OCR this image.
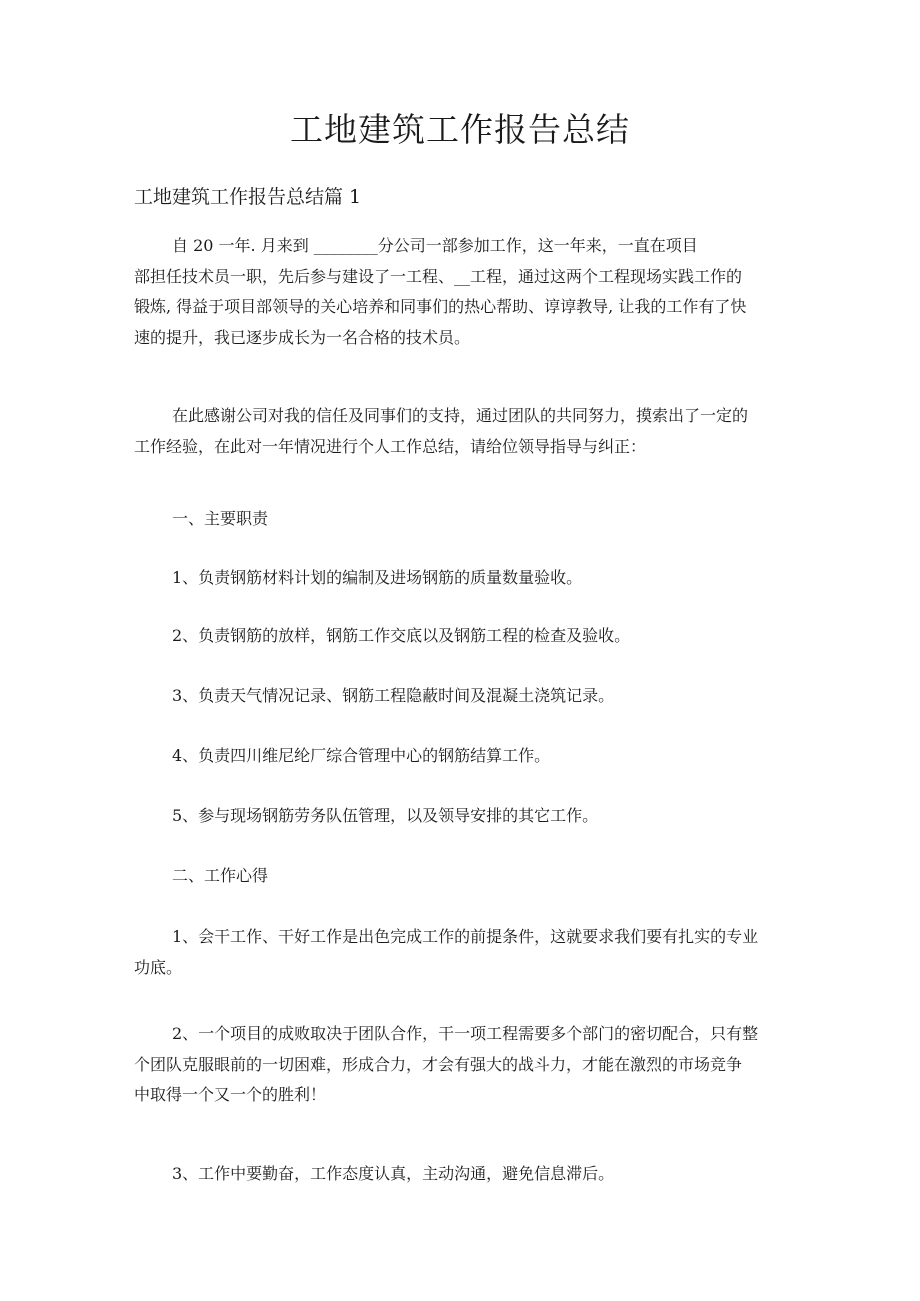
工地建筑工作报告总结
工地建筑工作报告总结篇 1

自 20 一年. 月来到 ________分公司一部参加工作，这一年来，一直在项目
部担任技术员一职，先后参与建设了一工程、__工程，通过这两个工程现场实践工作的
锻炼, 得益于项目部领导的关心培养和同事们的热心帮助、谆谆教导, 让我的工作有了快
速的提升，我已逐步成长为一名合格的技术员。

在此感谢公司对我的信任及同事们的支持，通过团队的共同努力，摸索出了一定的
工作经验，在此对一年情况进行个人工作总结，请给位领导指导与纠正：

一、主要职责

1、负责钢筋材料计划的编制及进场钢筋的质量数量验收。

2、负责钢筋的放样，钢筋工作交底以及钢筋工程的检查及验收。

3、负责天气情况记录、钢筋工程隐蔽时间及混凝土浇筑记录。

4、负责四川维尼纶厂综合管理中心的钢筋结算工作。

5、参与现场钢筋劳务队伍管理，以及领导安排的其它工作。

二、工作心得

1、会干工作、干好工作是出色完成工作的前提条件，这就要求我们要有扎实的专业
功底。

2、一个项目的成败取决于团队合作，干一项工程需要多个部门的密切配合，只有整
个团队克服眼前的一切困难，形成合力，才会有强大的战斗力，才能在激烈的市场竞争
中取得一个又一个的胜利！

3、工作中要勤奋，工作态度认真，主动沟通，避免信息滞后。
